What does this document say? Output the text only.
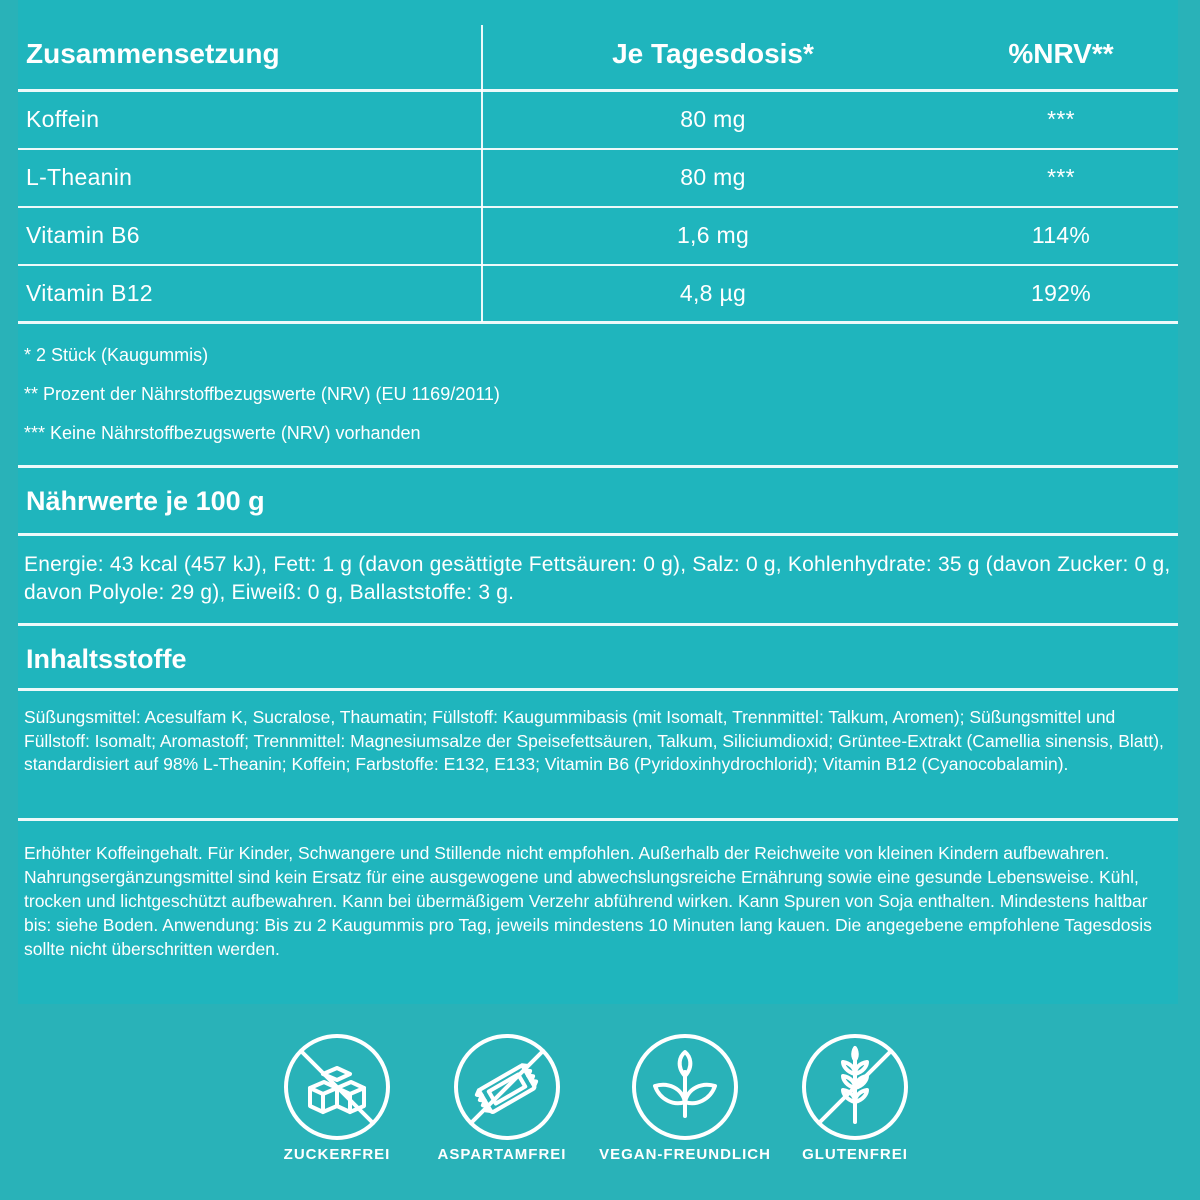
Zusammensetzung	Je Tagesdosis*	%NRV**
Koffein	80 mg	***
L-Theanin	80 mg	***
Vitamin B6	1,6 mg	114%
Vitamin B12	4,8 µg	192%
* 2 Stück (Kaugummis)
** Prozent der Nährstoffbezugswerte (NRV) (EU 1169/2011)
*** Keine Nährstoffbezugswerte (NRV) vorhanden
Nährwerte je 100 g
Energie: 43 kcal (457 kJ), Fett: 1 g (davon gesättigte Fettsäuren: 0 g), Salz: 0 g, Kohlenhydrate: 35 g (davon Zucker: 0 g, davon Polyole: 29 g), Eiweiß: 0 g, Ballaststoffe: 3 g.
Inhaltsstoffe
Süßungsmittel: Acesulfam K, Sucralose, Thaumatin; Füllstoff: Kaugummibasis (mit Isomalt, Trennmittel: Talkum, Aromen); Süßungsmittel und Füllstoff: Isomalt; Aromastoff; Trennmittel: Magnesiumsalze der Speisefettsäuren, Talkum, Siliciumdioxid; Grüntee-Extrakt (Camellia sinensis, Blatt), standardisiert auf 98% L-Theanin; Koffein; Farbstoffe: E132, E133; Vitamin B6 (Pyridoxinhydrochlorid); Vitamin B12 (Cyanocobalamin).
Erhöhter Koffeingehalt. Für Kinder, Schwangere und Stillende nicht empfohlen. Außerhalb der Reichweite von kleinen Kindern aufbewahren. Nahrungsergänzungsmittel sind kein Ersatz für eine ausgewogene und abwechslungsreiche Ernährung sowie eine gesunde Lebensweise. Kühl, trocken und lichtgeschützt aufbewahren. Kann bei übermäßigem Verzehr abführend wirken. Kann Spuren von Soja enthalten. Mindestens haltbar bis: siehe Boden. Anwendung: Bis zu 2 Kaugummis pro Tag, jeweils mindestens 10 Minuten lang kauen. Die angegebene empfohlene Tagesdosis sollte nicht überschritten werden.
ZUCKERFREI	ASPARTAMFREI	VEGAN-FREUNDLICH	GLUTENFREI
